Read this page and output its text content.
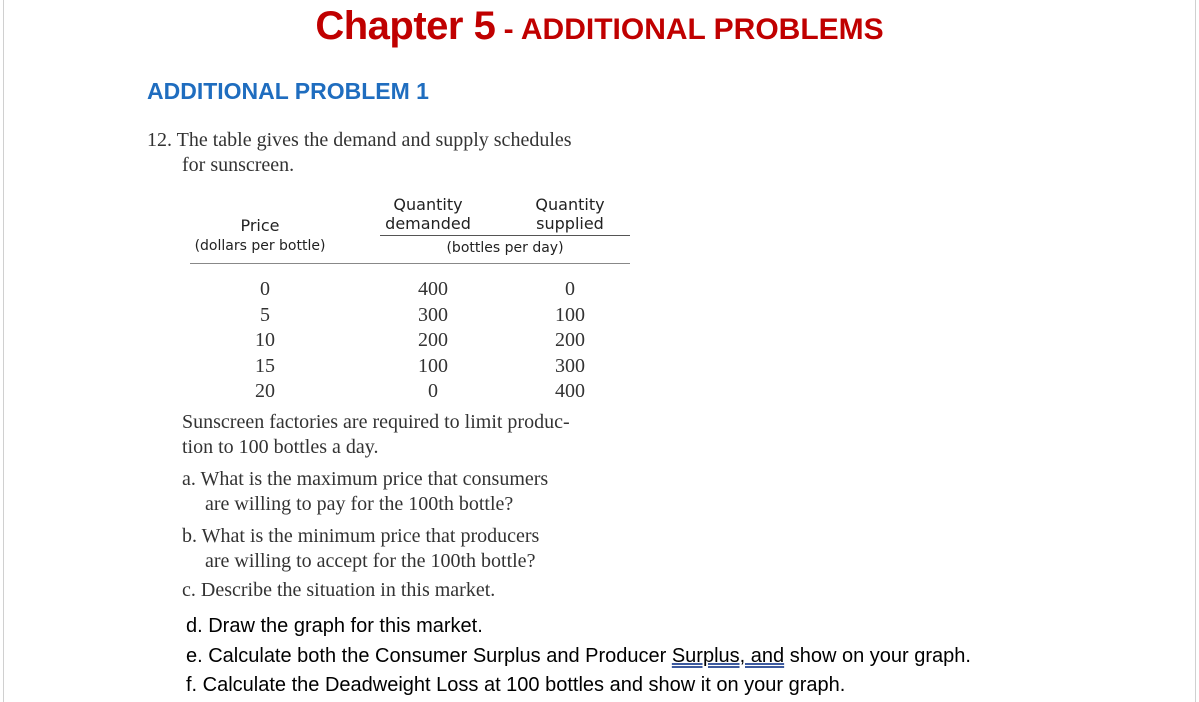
Chapter 5 - ADDITIONAL PROBLEMS
ADDITIONAL PROBLEM 1
12. The table gives the demand and supply schedules
for sunscreen.
Price
(dollars per bottle)
Quantity
demanded
Quantity
supplied
(bottles per day)
0
5
10
15
20
400
300
200
100
0
0
100
200
300
400
Sunscreen factories are required to limit produc-
tion to 100 bottles a day.
a. What is the maximum price that consumers
are willing to pay for the 100th bottle?
b. What is the minimum price that producers
are willing to accept for the 100th bottle?
c. Describe the situation in this market.
d. Draw the graph for this market.
e. Calculate both the Consumer Surplus and Producer Surplus, and show on your graph.
f. Calculate the Deadweight Loss at 100 bottles and show it on your graph.
